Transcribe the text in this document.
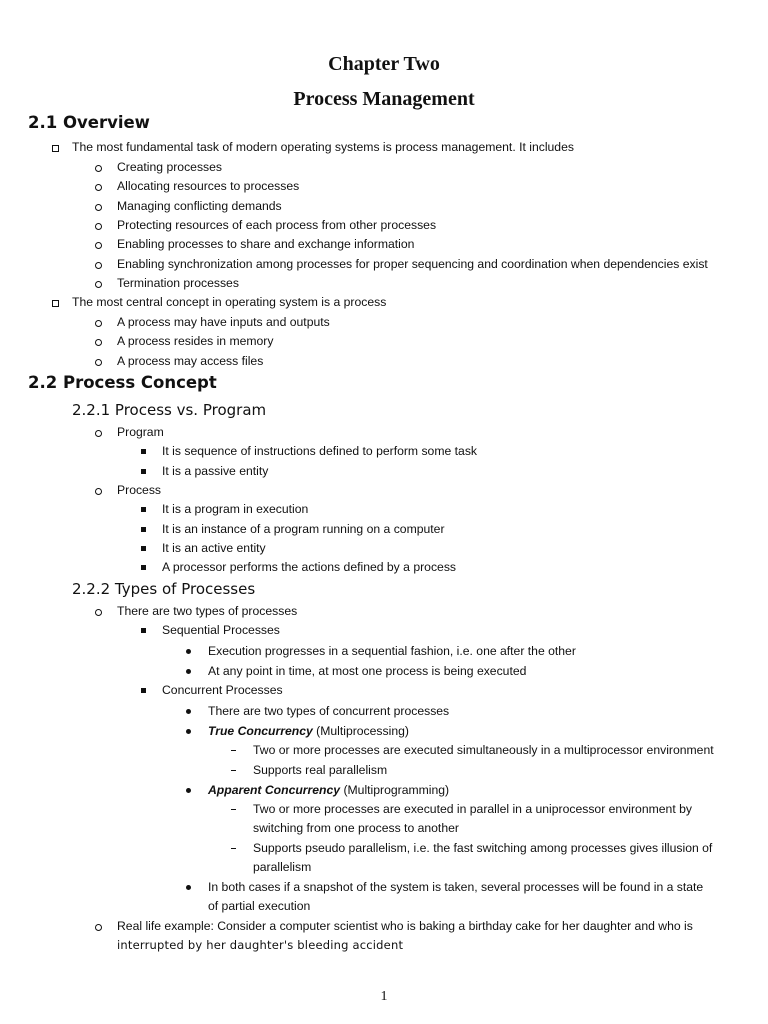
Chapter Two
Process Management
2.1 Overview
The most fundamental task of modern operating systems is process management. It includes
Creating processes
Allocating resources to processes
Managing conflicting demands
Protecting resources of each process from other processes
Enabling processes to share and exchange information
Enabling synchronization among processes for proper sequencing and coordination when dependencies exist
Termination processes
The most central concept in operating system is a process
A process may have inputs and outputs
A process resides in memory
A process may access files
2.2 Process Concept
2.2.1 Process vs. Program
Program
It is sequence of instructions defined to perform some task
It is a passive entity
Process
It is a program in execution
It is an instance of a program running on a computer
It is an active entity
A processor performs the actions defined by a process
2.2.2 Types of Processes
There are two types of processes
Sequential Processes
Execution progresses in a sequential fashion, i.e. one after the other
At any point in time, at most one process is being executed
Concurrent Processes
There are two types of concurrent processes
True Concurrency (Multiprocessing)
Two or more processes are executed simultaneously in a multiprocessor environment
Supports real parallelism
Apparent Concurrency (Multiprogramming)
Two or more processes are executed in parallel in a uniprocessor environment by
switching from one process to another
Supports pseudo parallelism, i.e. the fast switching among processes gives illusion of
parallelism
In both cases if a snapshot of the system is taken, several processes will be found in a state
of partial execution
Real life example: Consider a computer scientist who is baking a birthday cake for her daughter and who is
interrupted by her daughter's bleeding accident
1
